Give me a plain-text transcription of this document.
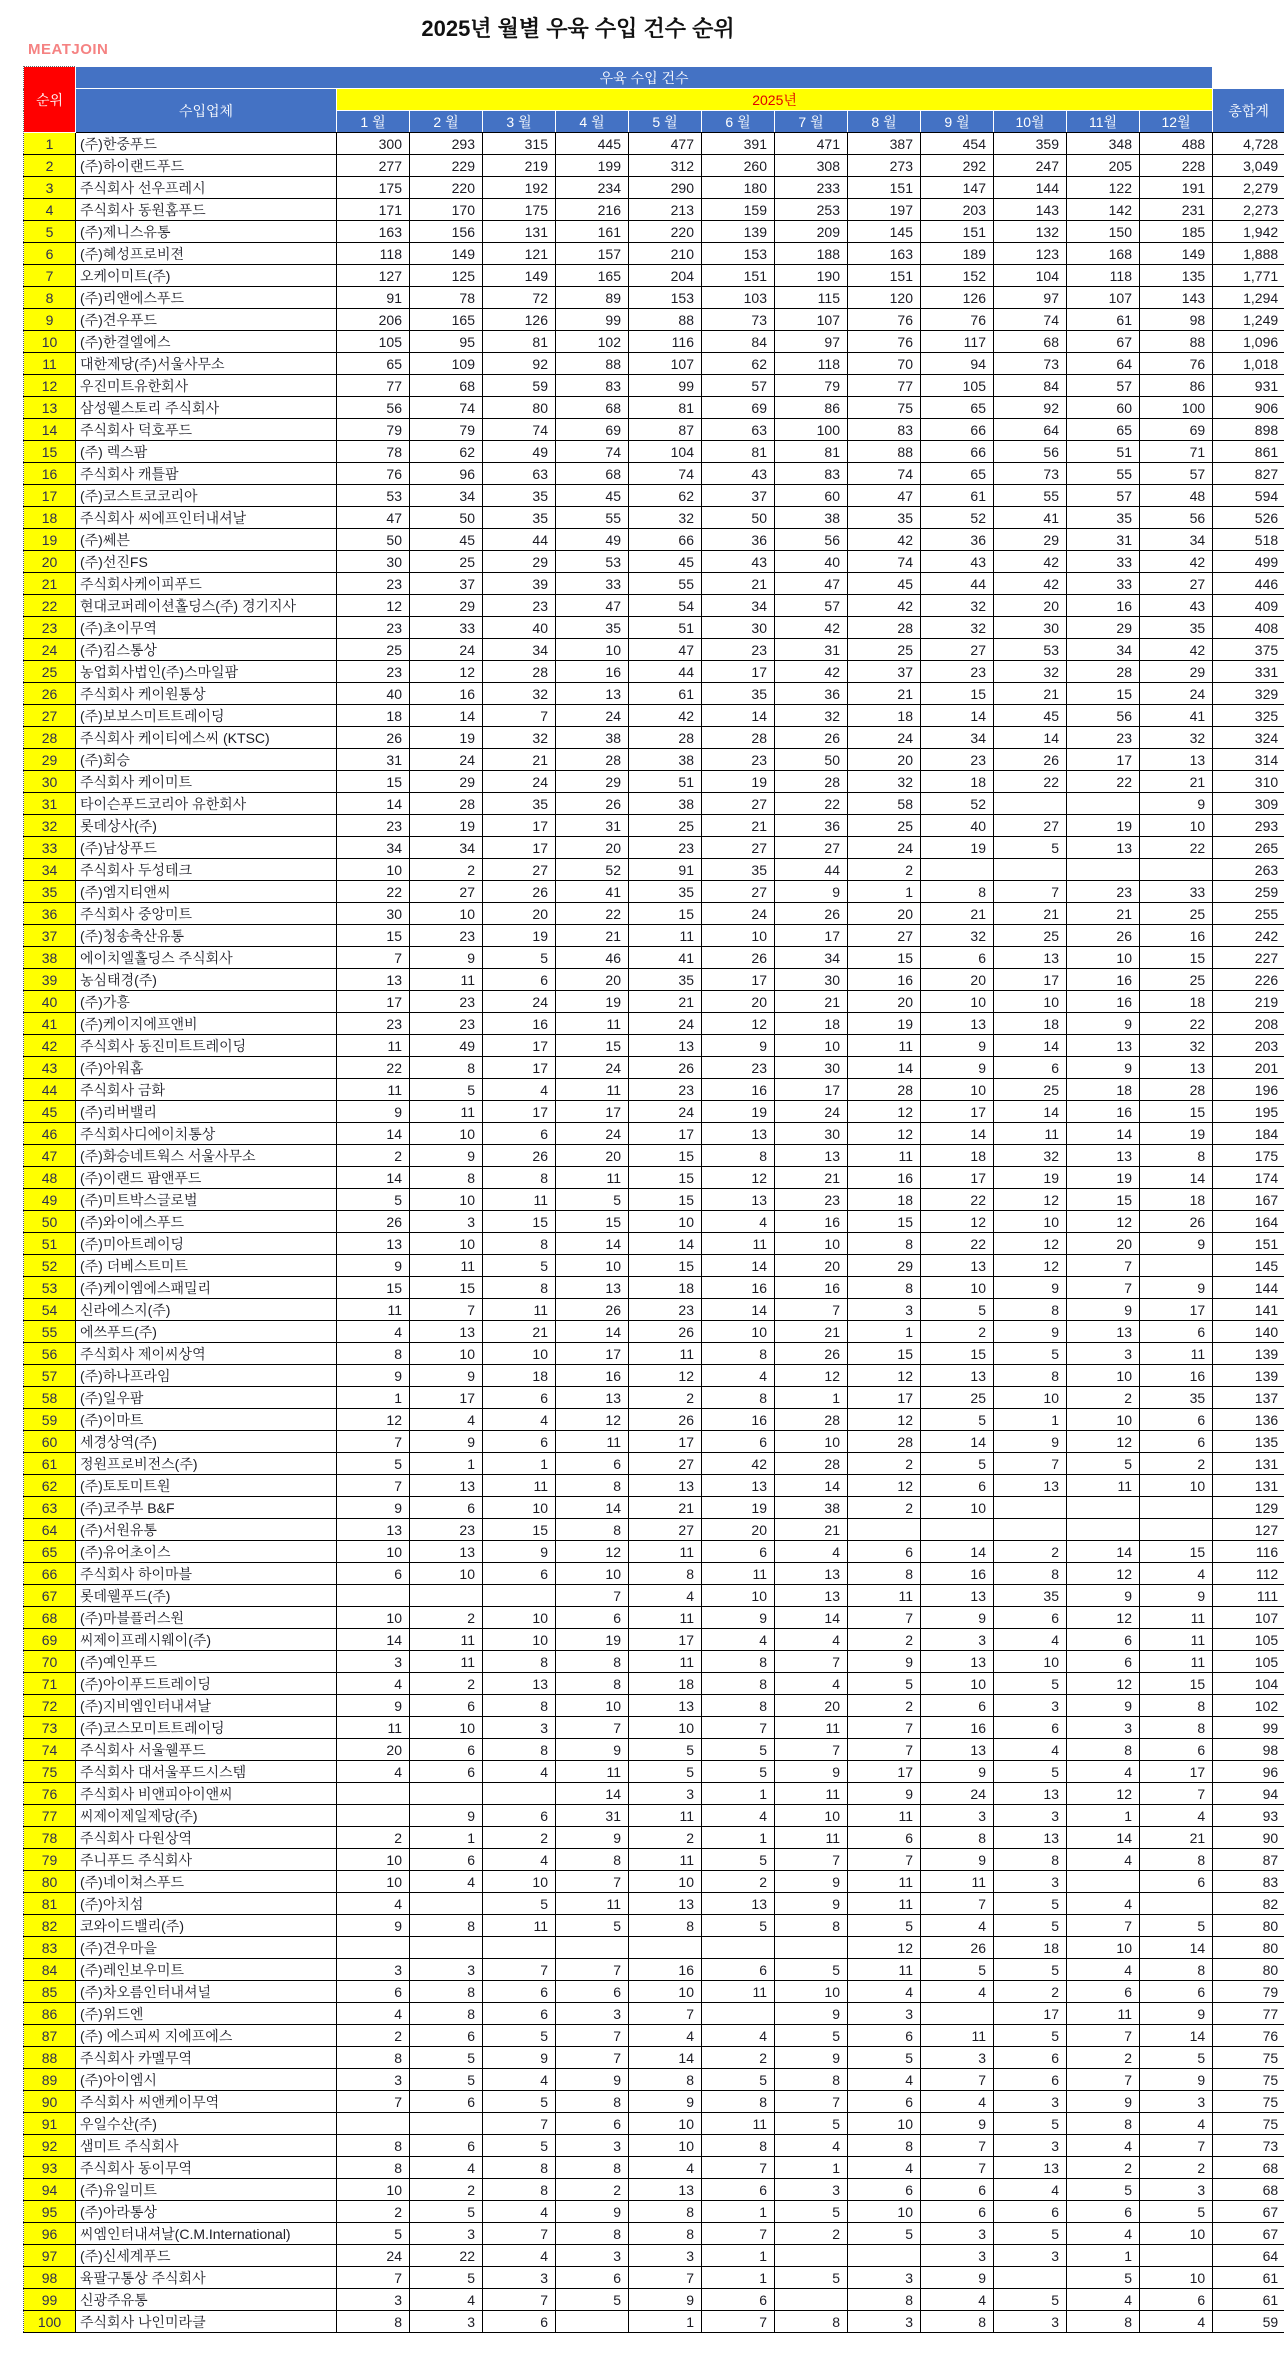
2025년 월별 우육 수입 건수 순위
MEATJOIN
순위	우육 수입 건수													
	수입업체	2025년												총합계
		1 월	2 월	3 월	4 월	5 월	6 월	7 월	8 월	9 월	10월	11월	12월	
1	(주)한중푸드	300	293	315	445	477	391	471	387	454	359	348	488	4,728
2	(주)하이랜드푸드	277	229	219	199	312	260	308	273	292	247	205	228	3,049
3	주식회사 선우프레시	175	220	192	234	290	180	233	151	147	144	122	191	2,279
4	주식회사 동원홈푸드	171	170	175	216	213	159	253	197	203	143	142	231	2,273
5	(주)제니스유통	163	156	131	161	220	139	209	145	151	132	150	185	1,942
6	(주)혜성프로비젼	118	149	121	157	210	153	188	163	189	123	168	149	1,888
7	오케이미트(주)	127	125	149	165	204	151	190	151	152	104	118	135	1,771
8	(주)리앤에스푸드	91	78	72	89	153	103	115	120	126	97	107	143	1,294
9	(주)견우푸드	206	165	126	99	88	73	107	76	76	74	61	98	1,249
10	(주)한결엘에스	105	95	81	102	116	84	97	76	117	68	67	88	1,096
11	대한제당(주)서울사무소	65	109	92	88	107	62	118	70	94	73	64	76	1,018
12	우진미트유한회사	77	68	59	83	99	57	79	77	105	84	57	86	931
13	삼성웰스토리 주식회사	56	74	80	68	81	69	86	75	65	92	60	100	906
14	주식회사 덕호푸드	79	79	74	69	87	63	100	83	66	64	65	69	898
15	(주) 렉스팜	78	62	49	74	104	81	81	88	66	56	51	71	861
16	주식회사 캐틀팜	76	96	63	68	74	43	83	74	65	73	55	57	827
17	(주)코스트코코리아	53	34	35	45	62	37	60	47	61	55	57	48	594
18	주식회사 씨에프인터내셔날	47	50	35	55	32	50	38	35	52	41	35	56	526
19	(주)쎄븐	50	45	44	49	66	36	56	42	36	29	31	34	518
20	(주)선진FS	30	25	29	53	45	43	40	74	43	42	33	42	499
21	주식회사케이피푸드	23	37	39	33	55	21	47	45	44	42	33	27	446
22	현대코퍼레이션홀딩스(주) 경기지사	12	29	23	47	54	34	57	42	32	20	16	43	409
23	(주)초이무역	23	33	40	35	51	30	42	28	32	30	29	35	408
24	(주)킴스통상	25	24	34	10	47	23	31	25	27	53	34	42	375
25	농업회사법인(주)스마일팜	23	12	28	16	44	17	42	37	23	32	28	29	331
26	주식회사 케이원통상	40	16	32	13	61	35	36	21	15	21	15	24	329
27	(주)보보스미트트레이딩	18	14	7	24	42	14	32	18	14	45	56	41	325
28	주식회사 케이티에스씨 (KTSC)	26	19	32	38	28	28	26	24	34	14	23	32	324
29	(주)회승	31	24	21	28	38	23	50	20	23	26	17	13	314
30	주식회사 케이미트	15	29	24	29	51	19	28	32	18	22	22	21	310
31	타이슨푸드코리아 유한회사	14	28	35	26	38	27	22	58	52			9	309
32	롯데상사(주)	23	19	17	31	25	21	36	25	40	27	19	10	293
33	(주)남상푸드	34	34	17	20	23	27	27	24	19	5	13	22	265
34	주식회사 두성테크	10	2	27	52	91	35	44	2					263
35	(주)엠지티앤씨	22	27	26	41	35	27	9	1	8	7	23	33	259
36	주식회사 중앙미트	30	10	20	22	15	24	26	20	21	21	21	25	255
37	(주)청송축산유통	15	23	19	21	11	10	17	27	32	25	26	16	242
38	에이치엘홀딩스 주식회사	7	9	5	46	41	26	34	15	6	13	10	15	227
39	농심태경(주)	13	11	6	20	35	17	30	16	20	17	16	25	226
40	(주)가흥	17	23	24	19	21	20	21	20	10	10	16	18	219
41	(주)케이지에프앤비	23	23	16	11	24	12	18	19	13	18	9	22	208
42	주식회사 동진미트트레이딩	11	49	17	15	13	9	10	11	9	14	13	32	203
43	(주)아워홈	22	8	17	24	26	23	30	14	9	6	9	13	201
44	주식회사 금화	11	5	4	11	23	16	17	28	10	25	18	28	196
45	(주)리버밸리	9	11	17	17	24	19	24	12	17	14	16	15	195
46	주식회사디에이치통상	14	10	6	24	17	13	30	12	14	11	14	19	184
47	(주)화승네트웍스 서울사무소	2	9	26	20	15	8	13	11	18	32	13	8	175
48	(주)이랜드 팜앤푸드	14	8	8	11	15	12	21	16	17	19	19	14	174
49	(주)미트박스글로벌	5	10	11	5	15	13	23	18	22	12	15	18	167
50	(주)와이에스푸드	26	3	15	15	10	4	16	15	12	10	12	26	164
51	(주)미아트레이딩	13	10	8	14	14	11	10	8	22	12	20	9	151
52	(주) 더베스트미트	9	11	5	10	15	14	20	29	13	12	7		145
53	(주)케이엠에스패밀리	15	15	8	13	18	16	16	8	10	9	7	9	144
54	신라에스지(주)	11	7	11	26	23	14	7	3	5	8	9	17	141
55	에쓰푸드(주)	4	13	21	14	26	10	21	1	2	9	13	6	140
56	주식회사 제이씨상역	8	10	10	17	11	8	26	15	15	5	3	11	139
57	(주)하나프라임	9	9	18	16	12	4	12	12	13	8	10	16	139
58	(주)일우팜	1	17	6	13	2	8	1	17	25	10	2	35	137
59	(주)이마트	12	4	4	12	26	16	28	12	5	1	10	6	136
60	세경상역(주)	7	9	6	11	17	6	10	28	14	9	12	6	135
61	정원프로비전스(주)	5	1	1	6	27	42	28	2	5	7	5	2	131
62	(주)토토미트원	7	13	11	8	13	13	14	12	6	13	11	10	131
63	(주)코주부 B&F	9	6	10	14	21	19	38	2	10				129
64	(주)서원유통	13	23	15	8	27	20	21						127
65	(주)유어초이스	10	13	9	12	11	6	4	6	14	2	14	15	116
66	주식회사 하이마블	6	10	6	10	8	11	13	8	16	8	12	4	112
67	롯데웰푸드(주)				7	4	10	13	11	13	35	9	9	111
68	(주)마블플러스원	10	2	10	6	11	9	14	7	9	6	12	11	107
69	씨제이프레시웨이(주)	14	11	10	19	17	4	4	2	3	4	6	11	105
70	(주)예인푸드	3	11	8	8	11	8	7	9	13	10	6	11	105
71	(주)아이푸드트레이딩	4	2	13	8	18	8	4	5	10	5	12	15	104
72	(주)지비엠인터내셔날	9	6	8	10	13	8	20	2	6	3	9	8	102
73	(주)코스모미트트레이딩	11	10	3	7	10	7	11	7	16	6	3	8	99
74	주식회사 서울웰푸드	20	6	8	9	5	5	7	7	13	4	8	6	98
75	주식회사 대서울푸드시스템	4	6	4	11	5	5	9	17	9	5	4	17	96
76	주식회사 비앤피아이앤씨				14	3	1	11	9	24	13	12	7	94
77	씨제이제일제당(주)		9	6	31	11	4	10	11	3	3	1	4	93
78	주식회사 다원상역	2	1	2	9	2	1	11	6	8	13	14	21	90
79	주니푸드 주식회사	10	6	4	8	11	5	7	7	9	8	4	8	87
80	(주)네이쳐스푸드	10	4	10	7	10	2	9	11	11	3		6	83
81	(주)아치섬	4		5	11	13	13	9	11	7	5	4		82
82	코와이드밸리(주)	9	8	11	5	8	5	8	5	4	5	7	5	80
83	(주)견우마을								12	26	18	10	14	80
84	(주)레인보우미트	3	3	7	7	16	6	5	11	5	5	4	8	80
85	(주)차오름인터내셔널	6	8	6	6	10	11	10	4	4	2	6	6	79
86	(주)위드엔	4	8	6	3	7		9	3		17	11	9	77
87	(주) 에스피씨 지에프에스	2	6	5	7	4	4	5	6	11	5	7	14	76
88	주식회사 카멜무역	8	5	9	7	14	2	9	5	3	6	2	5	75
89	(주)아이엠시	3	5	4	9	8	5	8	4	7	6	7	9	75
90	주식회사 씨앤케이무역	7	6	5	8	9	8	7	6	4	3	9	3	75
91	우일수산(주)			7	6	10	11	5	10	9	5	8	4	75
92	샘미트 주식회사	8	6	5	3	10	8	4	8	7	3	4	7	73
93	주식회사 동이무역	8	4	8	8	4	7	1	4	7	13	2	2	68
94	(주)유일미트	10	2	8	2	13	6	3	6	6	4	5	3	68
95	(주)아라통상	2	5	4	9	8	1	5	10	6	6	6	5	67
96	씨엠인터내셔날(C.M.International)	5	3	7	8	8	7	2	5	3	5	4	10	67
97	(주)신세계푸드	24	22	4	3	3	1			3	3	1		64
98	육팔구통상 주식회사	7	5	3	6	7	1	5	3	9		5	10	61
99	신광주유통	3	4	7	5	9	6		8	4	5	4	6	61
100	주식회사 나인미라클	8	3	6		1	7	8	3	8	3	8	4	59
